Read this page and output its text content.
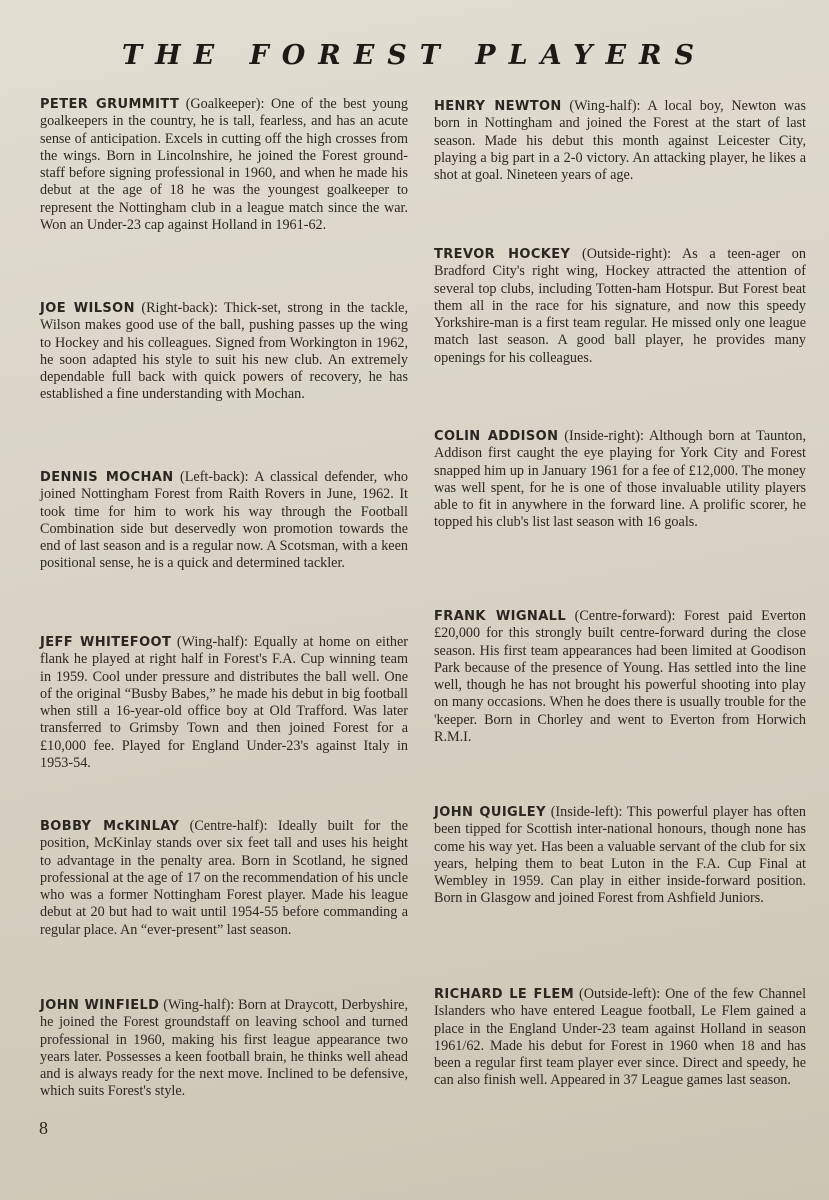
THE FOREST PLAYERS

PETER GRUMMITT (Goalkeeper): One of the best young goalkeepers in the country, he is tall, fearless, and has an acute sense of anticipation. Excels in cutting off the high crosses from the wings. Born in Lincolnshire, he joined the Forest ground-staff before signing professional in 1960, and when he made his debut at the age of 18 he was the youngest goalkeeper to represent the Nottingham club in a league match since the war. Won an Under-23 cap against Holland in 1961-62.

JOE WILSON (Right-back): Thick-set, strong in the tackle, Wilson makes good use of the ball, pushing passes up the wing to Hockey and his colleagues. Signed from Workington in 1962, he soon adapted his style to suit his new club. An extremely dependable full back with quick powers of recovery, he has established a fine understanding with Mochan.

DENNIS MOCHAN (Left-back): A classical defender, who joined Nottingham Forest from Raith Rovers in June, 1962. It took time for him to work his way through the Football Combination side but deservedly won promotion towards the end of last season and is a regular now. A Scotsman, with a keen positional sense, he is a quick and determined tackler.

JEFF WHITEFOOT (Wing-half): Equally at home on either flank he played at right half in Forest's F.A. Cup winning team in 1959. Cool under pressure and distributes the ball well. One of the original “Busby Babes,” he made his debut in big football when still a 16-year-old office boy at Old Trafford. Was later transferred to Grimsby Town and then joined Forest for a £10,000 fee. Played for England Under-23's against Italy in 1953-54.

BOBBY McKINLAY (Centre-half): Ideally built for the position, McKinlay stands over six feet tall and uses his height to advantage in the penalty area. Born in Scotland, he signed professional at the age of 17 on the recommendation of his uncle who was a former Nottingham Forest player. Made his league debut at 20 but had to wait until 1954-55 before commanding a regular place. An “ever-present” last season.

JOHN WINFIELD (Wing-half): Born at Draycott, Derbyshire, he joined the Forest groundstaff on leaving school and turned professional in 1960, making his first league appearance two years later. Possesses a keen football brain, he thinks well ahead and is always ready for the next move. Inclined to be defensive, which suits Forest's style.

HENRY NEWTON (Wing-half): A local boy, Newton was born in Nottingham and joined the Forest at the start of last season. Made his debut this month against Leicester City, playing a big part in a 2-0 victory. An attacking player, he likes a shot at goal. Nineteen years of age.

TREVOR HOCKEY (Outside-right): As a teen-ager on Bradford City's right wing, Hockey attracted the attention of several top clubs, including Totten-ham Hotspur. But Forest beat them all in the race for his signature, and now this speedy Yorkshire-man is a first team regular. He missed only one league match last season. A good ball player, he provides many openings for his colleagues.

COLIN ADDISON (Inside-right): Although born at Taunton, Addison first caught the eye playing for York City and Forest snapped him up in January 1961 for a fee of £12,000. The money was well spent, for he is one of those invaluable utility players able to fit in anywhere in the forward line. A prolific scorer, he topped his club's list last season with 16 goals.

FRANK WIGNALL (Centre-forward): Forest paid Everton £20,000 for this strongly built centre-forward during the close season. His first team appearances had been limited at Goodison Park because of the presence of Young. Has settled into the line well, though he has not brought his powerful shooting into play on many occasions. When he does there is usually trouble for the 'keeper. Born in Chorley and went to Everton from Horwich R.M.I.

JOHN QUIGLEY (Inside-left): This powerful player has often been tipped for Scottish inter-national honours, though none has come his way yet. Has been a valuable servant of the club for six years, helping them to beat Luton in the F.A. Cup Final at Wembley in 1959. Can play in either inside-forward position. Born in Glasgow and joined Forest from Ashfield Juniors.

RICHARD LE FLEM (Outside-left): One of the few Channel Islanders who have entered League football, Le Flem gained a place in the England Under-23 team against Holland in season 1961/62. Made his debut for Forest in 1960 when 18 and has been a regular first team player ever since. Direct and speedy, he can also finish well. Appeared in 37 League games last season.

8
